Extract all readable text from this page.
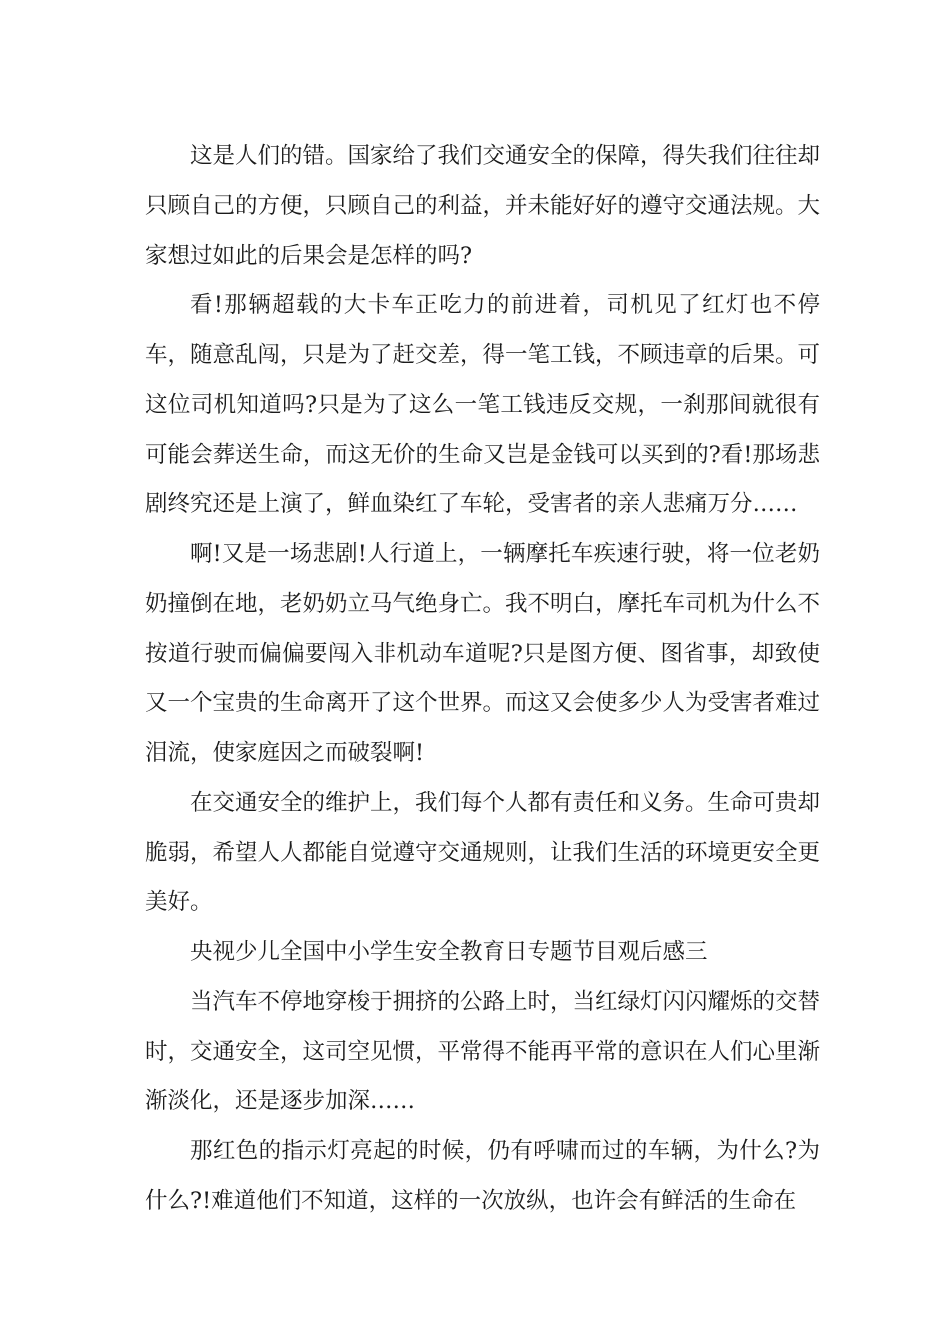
这是人们的错。国家给了我们交通安全的保障，得失我们往往却只顾自己的方便，只顾自己的利益，并未能好好的遵守交通法规。大家想过如此的后果会是怎样的吗?

看!那辆超载的大卡车正吃力的前进着，司机见了红灯也不停车，随意乱闯，只是为了赶交差，得一笔工钱，不顾违章的后果。可这位司机知道吗?只是为了这么一笔工钱违反交规，一刹那间就很有可能会葬送生命，而这无价的生命又岂是金钱可以买到的?看!那场悲剧终究还是上演了，鲜血染红了车轮，受害者的亲人悲痛万分……

啊!又是一场悲剧!人行道上，一辆摩托车疾速行驶，将一位老奶奶撞倒在地，老奶奶立马气绝身亡。我不明白，摩托车司机为什么不按道行驶而偏偏要闯入非机动车道呢?只是图方便、图省事，却致使又一个宝贵的生命离开了这个世界。而这又会使多少人为受害者难过泪流，使家庭因之而破裂啊!

在交通安全的维护上，我们每个人都有责任和义务。生命可贵却脆弱，希望人人都能自觉遵守交通规则，让我们生活的环境更安全更美好。

央视少儿全国中小学生安全教育日专题节目观后感三

当汽车不停地穿梭于拥挤的公路上时，当红绿灯闪闪耀烁的交替时，交通安全，这司空见惯，平常得不能再平常的意识在人们心里渐渐淡化，还是逐步加深……

那红色的指示灯亮起的时候，仍有呼啸而过的车辆，为什么?为什么?!难道他们不知道，这样的一次放纵，也许会有鲜活的生命在
